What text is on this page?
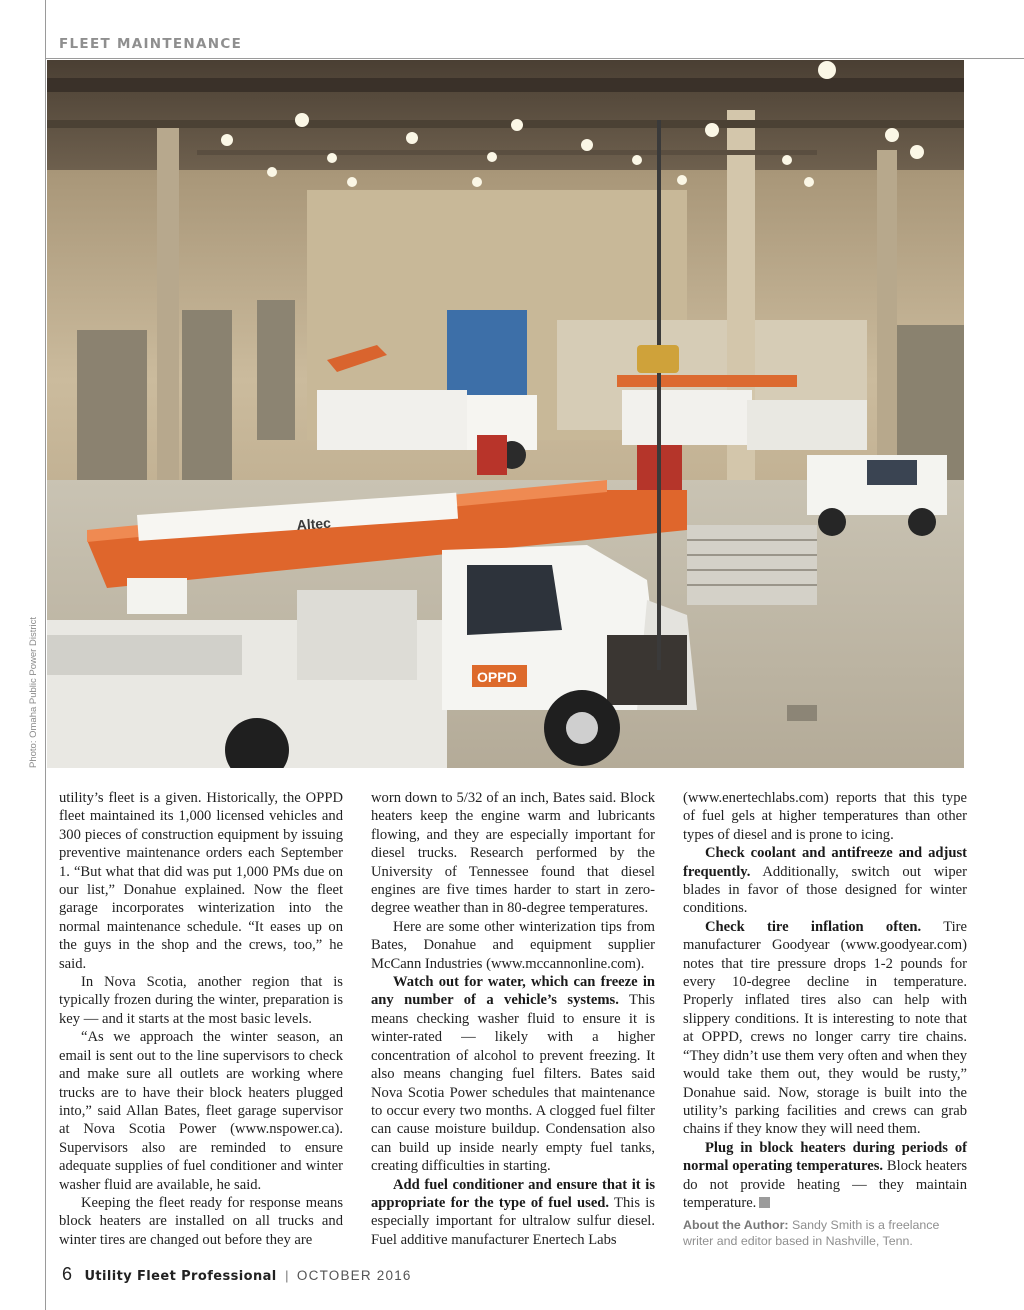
FLEET MAINTENANCE
Altec
OPPD
Photo: Omaha Public Power District

utility’s fleet is a given. Historically, the OPPD fleet maintained its 1,000 licensed vehicles and 300 pieces of construction equipment by issuing preventive maintenance orders each September 1. “But what that did was put 1,000 PMs due on our list,” Donahue explained. Now the fleet garage incorporates winterization into the normal maintenance schedule. “It eases up on the guys in the shop and the crews, too,” he said.

In Nova Scotia, another region that is typically frozen during the winter, preparation is key — and it starts at the most basic levels.

“As we approach the winter season, an email is sent out to the line supervisors to check and make sure all outlets are working where trucks are to have their block heaters plugged into,” said Allan Bates, fleet garage supervisor at Nova Scotia Power (www.nspower.ca). Supervisors also are reminded to ensure adequate supplies of fuel conditioner and winter washer fluid are available, he said.

Keeping the fleet ready for response means block heaters are installed on all trucks and winter tires are changed out before they are

worn down to 5/32 of an inch, Bates said. Block heaters keep the engine warm and lubricants flowing, and they are especially important for diesel trucks. Research performed by the University of Tennessee found that diesel engines are five times harder to start in zero-degree weather than in 80-degree temperatures.

Here are some other winterization tips from Bates, Donahue and equipment supplier McCann Industries (www.mccannonline.com).

Watch out for water, which can freeze in any number of a vehicle’s systems. This means checking washer fluid to ensure it is winter-rated — likely with a higher concentration of alcohol to prevent freezing. It also means changing fuel filters. Bates said Nova Scotia Power schedules that maintenance to occur every two months. A clogged fuel filter can cause moisture buildup. Condensation also can build up inside nearly empty fuel tanks, creating difficulties in starting.

Add fuel conditioner and ensure that it is appropriate for the type of fuel used. This is especially important for ultralow sulfur diesel. Fuel additive manufacturer Enertech Labs

(www.enertechlabs.com) reports that this type of fuel gels at higher temperatures than other types of diesel and is prone to icing.

Check coolant and antifreeze and adjust frequently. Additionally, switch out wiper blades in favor of those designed for winter conditions.

Check tire inflation often. Tire manufacturer Goodyear (www.goodyear.com) notes that tire pressure drops 1-2 pounds for every 10-degree decline in temperature. Properly inflated tires also can help with slippery conditions. It is interesting to note that at OPPD, crews no longer carry tire chains. “They didn’t use them very often and when they would take them out, they would be rusty,” Donahue said. Now, storage is built into the utility’s parking facilities and crews can grab chains if they know they will need them.

Plug in block heaters during periods of normal operating temperatures. Block heaters do not provide heating — they maintain temperature.

About the Author: Sandy Smith is a freelance writer and editor based in Nashville, Tenn.
6 Utility Fleet Professional | OCTOBER 2016
